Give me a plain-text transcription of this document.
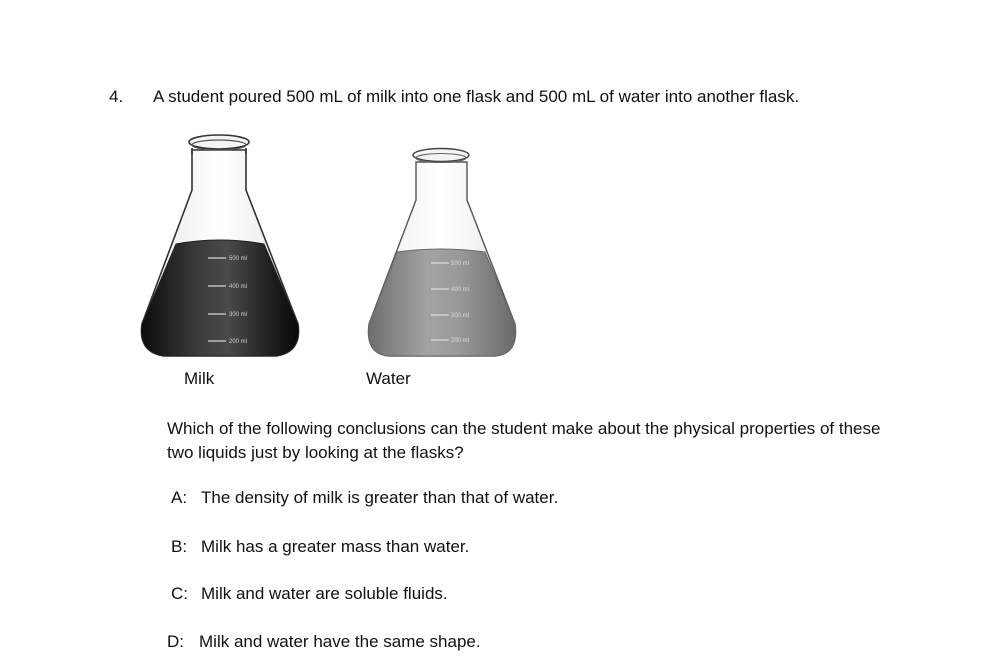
4. A student poured 500 mL of milk into one flask and 500 mL of water into another flask.
500 ml
400 ml
300 ml
200 ml
500 ml
400 ml
300 ml
200 ml
Milk	Water
Which of the following conclusions can the student make about the physical properties of these two liquids just by looking at the flasks?
A: The density of milk is greater than that of water.
B: Milk has a greater mass than water.
C: Milk and water are soluble fluids.
D: Milk and water have the same shape.
